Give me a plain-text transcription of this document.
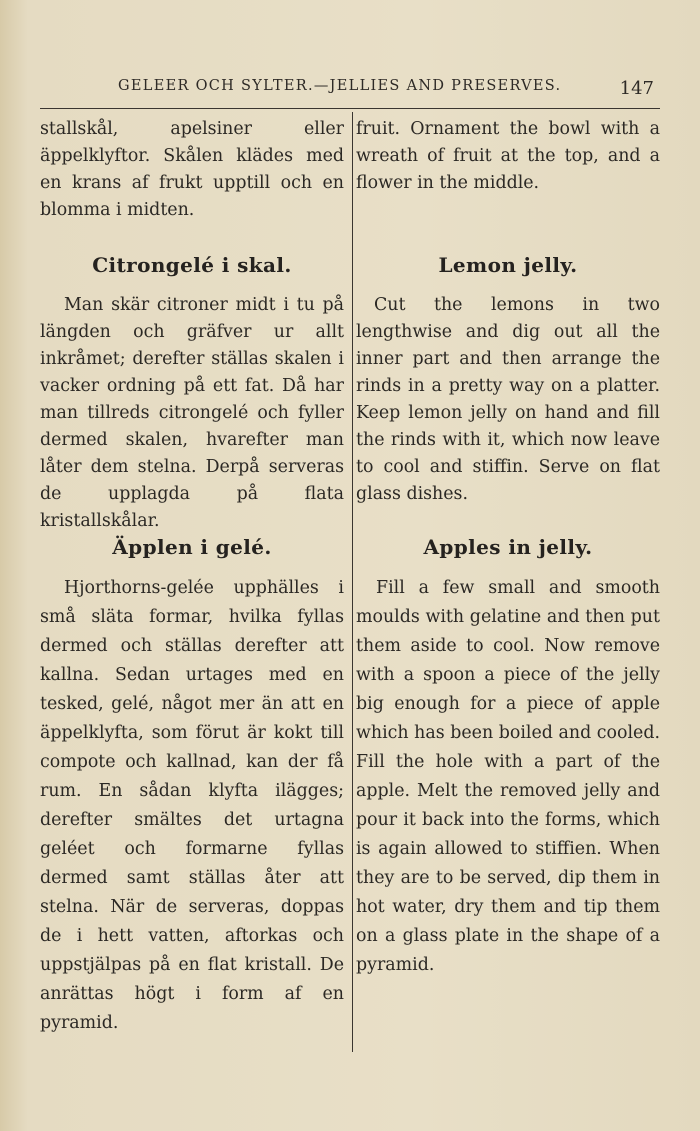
GELEER OCH SYLTER.—JELLIES AND PRESERVES.	147

stallskål, apelsiner eller äppelklyftor. Skålen klädes med en krans af frukt upptill och en blomma i midten.

Citrongelé i skal.

Man skär citroner midt i tu på längden och gräfver ur allt inkråmet; derefter ställas skalen i vacker ordning på ett fat. Då har man tillreds citrongelé och fyller dermed skalen, hvarefter man låter dem stelna. Derpå serveras de upplagda på flata kristallskålar.

Äpplen i gelé.

Hjorthorns-gelée upphälles i små släta formar, hvilka fyllas dermed och ställas derefter att kallna. Sedan urtages med en tesked, gelé, något mer än att en äppelklyfta, som förut är kokt till compote och kallnad, kan der få rum. En sådan klyfta ilägges; derefter smältes det urtagna geléet och formarne fyllas dermed samt ställas åter att stelna. När de serveras, doppas de i hett vatten, aftorkas och uppstjälpas på en flat kristall. De anrättas högt i form af en pyramid.

fruit. Ornament the bowl with a wreath of fruit at the top, and a flower in the middle.

Lemon jelly.

Cut the lemons in two lengthwise and dig out all the inner part and then arrange the rinds in a pretty way on a platter. Keep lemon jelly on hand and fill the rinds with it, which now leave to cool and stiffin. Serve on flat glass dishes.

Apples in jelly.

Fill a few small and smooth moulds with gelatine and then put them aside to cool. Now remove with a spoon a piece of the jelly big enough for a piece of apple which has been boiled and cooled. Fill the hole with a part of the apple. Melt the removed jelly and pour it back into the forms, which is again allowed to stiffien. When they are to be served, dip them in hot water, dry them and tip them on a glass plate in the shape of a pyramid.
